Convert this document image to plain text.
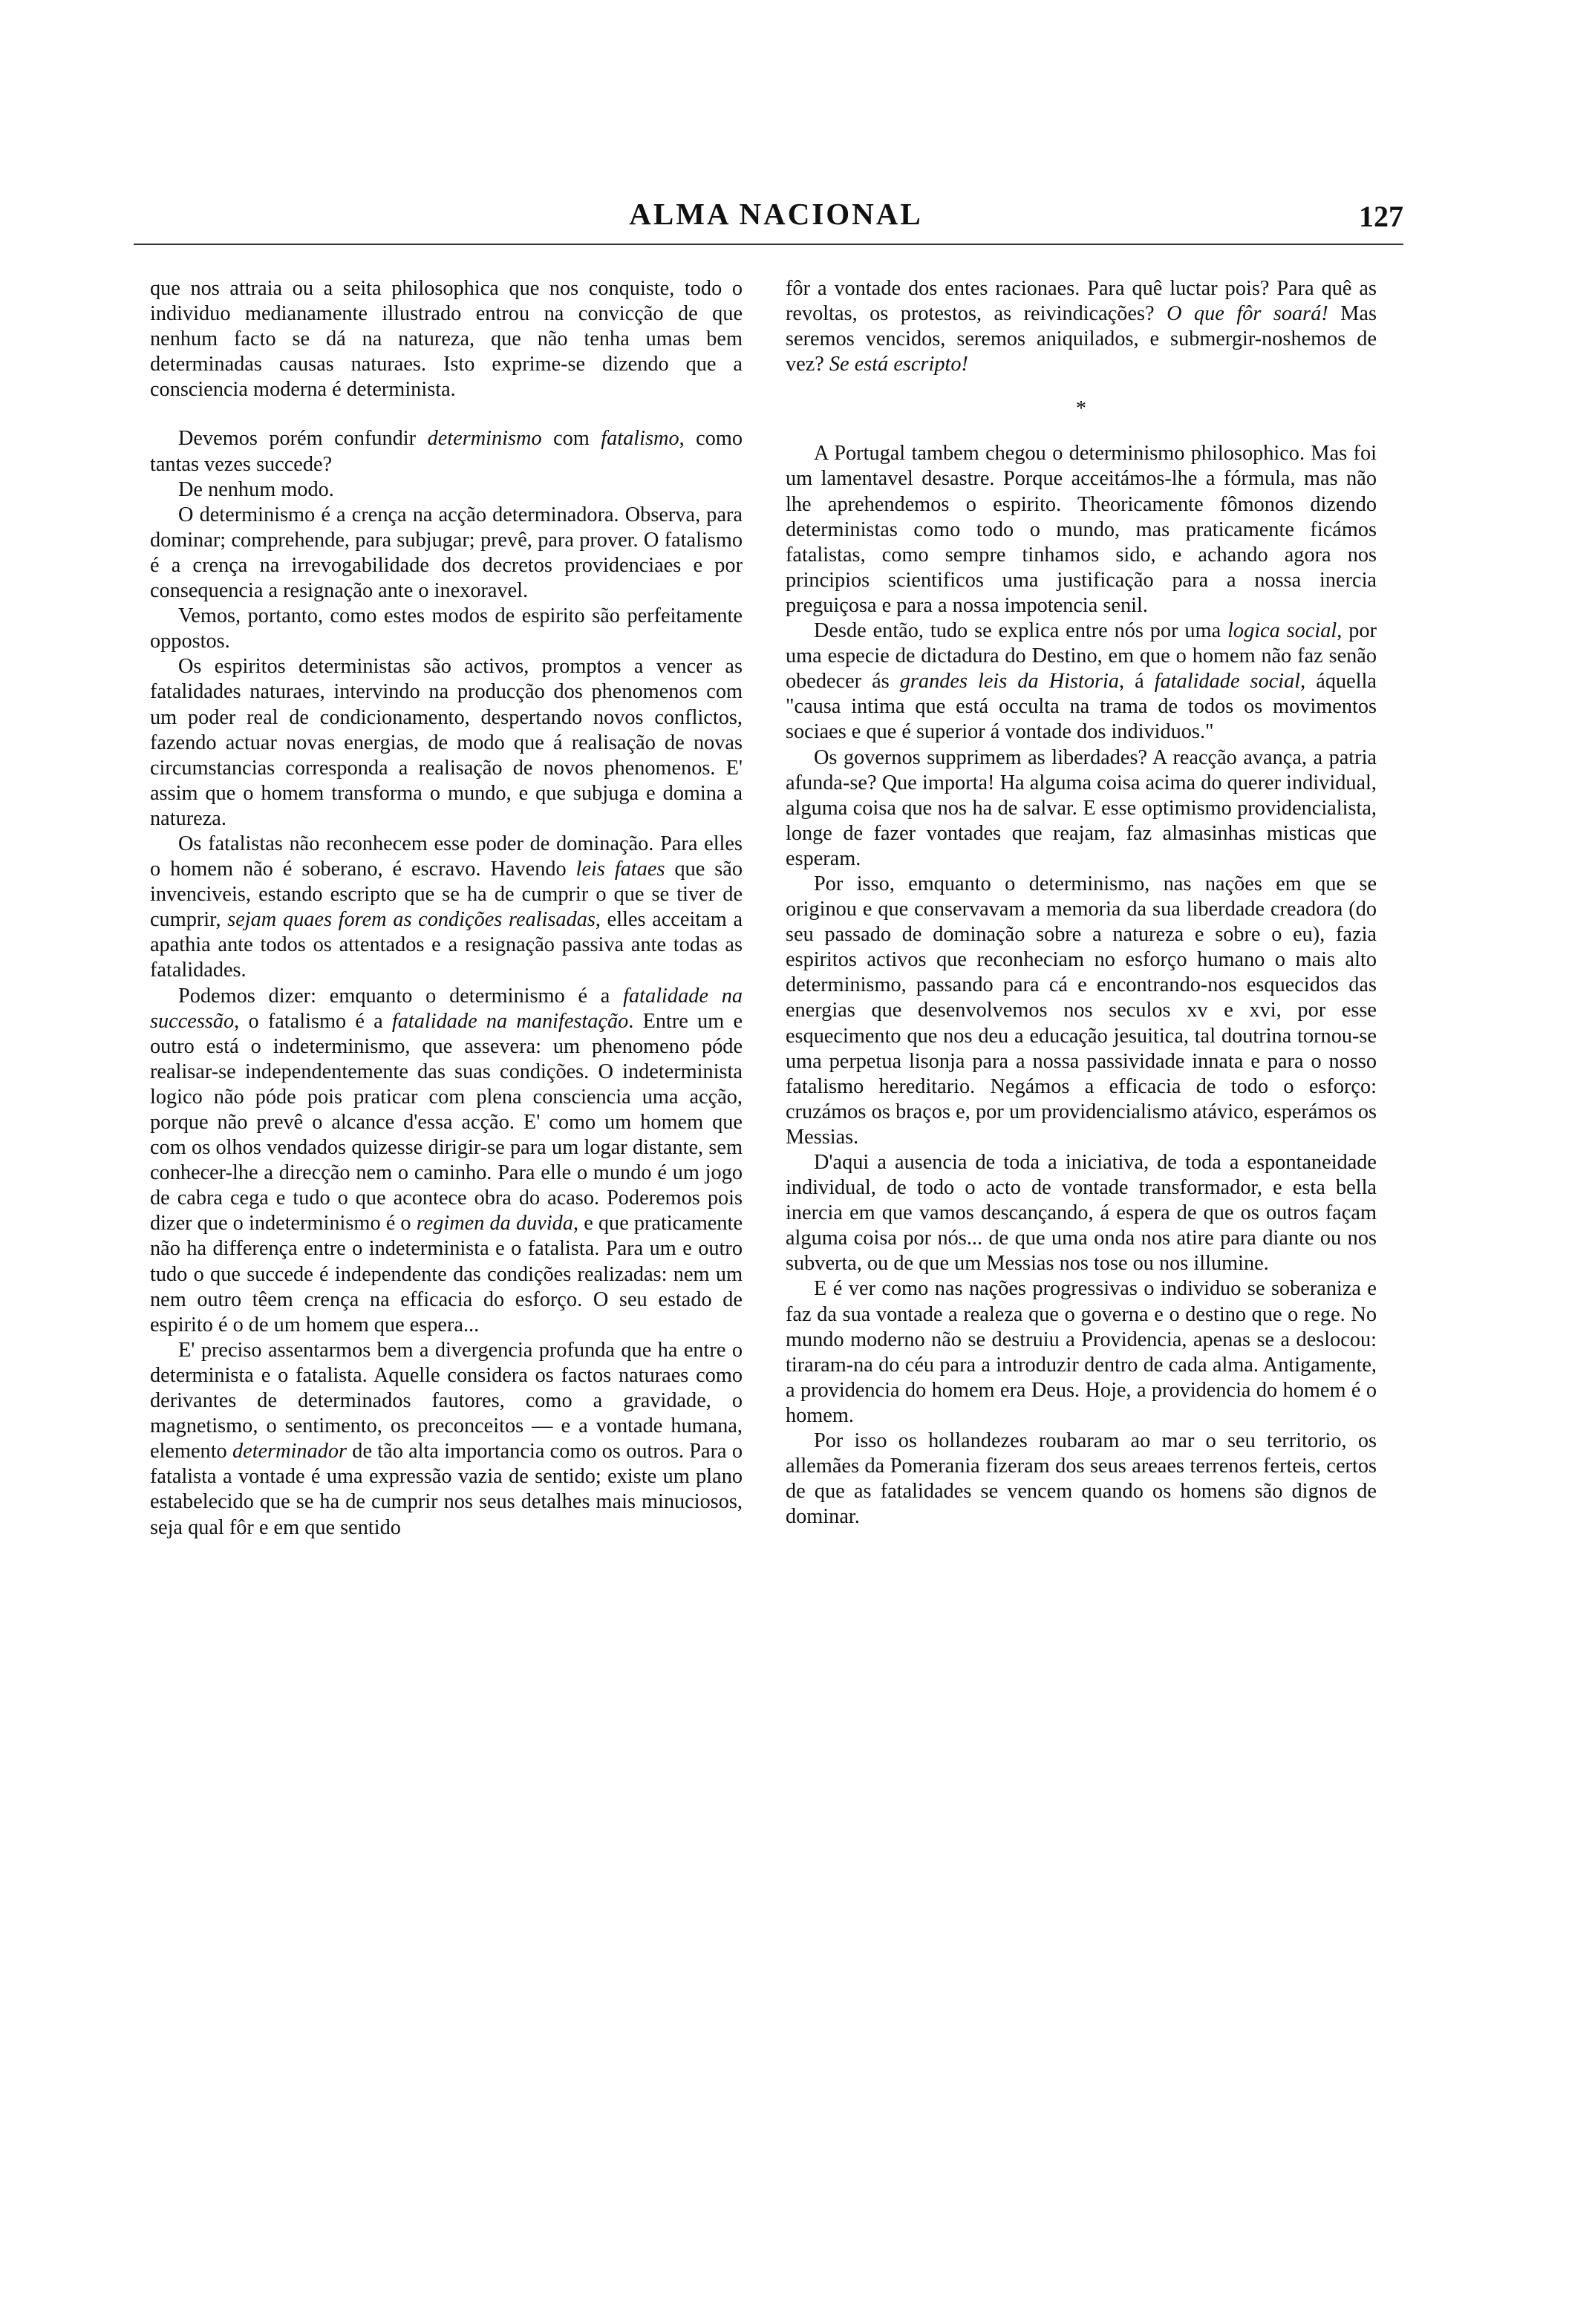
ALMA NACIONAL	127

que nos attraia ou a seita philosophica que nos conquiste, todo o individuo medianamente illustrado entrou na convicção de que nenhum facto se dá na natureza, que não tenha umas bem determinadas causas naturaes. Isto exprime-se dizendo que a consciencia moderna é determinista.

Devemos porém confundir determinismo com fatalismo, como tantas vezes succede?

De nenhum modo.

O determinismo é a crença na acção determinadora. Observa, para dominar; comprehende, para subjugar; prevê, para prover. O fatalismo é a crença na irrevogabilidade dos decretos providenciaes e por consequencia a resignação ante o inexoravel.

Vemos, portanto, como estes modos de espirito são perfeitamente oppostos.

Os espiritos deterministas são activos, promptos a vencer as fatalidades naturaes, intervindo na producção dos phenomenos com um poder real de condicionamento, despertando novos conflictos, fazendo actuar novas energias, de modo que á realisação de novas circumstancias corresponda a realisação de novos phenomenos. E' assim que o homem transforma o mundo, e que subjuga e domina a natureza.

Os fatalistas não reconhecem esse poder de dominação. Para elles o homem não é soberano, é escravo. Havendo leis fataes que são invenciveis, estando escripto que se ha de cumprir o que se tiver de cumprir, sejam quaes forem as condições realisadas, elles acceitam a apathia ante todos os attentados e a resignação passiva ante todas as fatalidades.

Podemos dizer: emquanto o determinismo é a fatalidade na successão, o fatalismo é a fatalidade na manifestação. Entre um e outro está o indeterminismo, que assevera: um phenomeno póde realisar-se independentemente das suas condições. O indeterminista logico não póde pois praticar com plena consciencia uma acção, porque não prevê o alcance d'essa acção. E' como um homem que com os olhos vendados quizesse dirigir-se para um logar distante, sem conhecer-lhe a direcção nem o caminho. Para elle o mundo é um jogo de cabra cega e tudo o que acontece obra do acaso. Poderemos pois dizer que o indeterminismo é o regimen da duvida, e que praticamente não ha differença entre o indeterminista e o fatalista. Para um e outro tudo o que succede é independente das condições realizadas: nem um nem outro têem crença na efficacia do esforço. O seu estado de espirito é o de um homem que espera...

E' preciso assentarmos bem a divergencia profunda que ha entre o determinista e o fatalista. Aquelle considera os factos naturaes como derivantes de determinados fautores, como a gravidade, o magnetismo, o sentimento, os preconceitos — e a vontade humana, elemento determinador de tão alta importancia como os outros. Para o fatalista a vontade é uma expressão vazia de sentido; existe um plano estabelecido que se ha de cumprir nos seus detalhes mais minuciosos, seja qual fôr e em que sentido

fôr a vontade dos entes racionaes. Para quê luctar pois? Para quê as revoltas, os protestos, as reivindicações? O que fôr soará! Mas seremos vencidos, seremos aniquilados, e submergir-noshemos de vez? Se está escripto!

*

A Portugal tambem chegou o determinismo philosophico. Mas foi um lamentavel desastre. Porque acceitámos-lhe a fórmula, mas não lhe aprehendemos o espirito. Theoricamente fômonos dizendo deterministas como todo o mundo, mas praticamente ficámos fatalistas, como sempre tinhamos sido, e achando agora nos principios scientificos uma justificação para a nossa inercia preguiçosa e para a nossa impotencia senil.

Desde então, tudo se explica entre nós por uma logica social, por uma especie de dictadura do Destino, em que o homem não faz senão obedecer ás grandes leis da Historia, á fatalidade social, áquella "causa intima que está occulta na trama de todos os movimentos sociaes e que é superior á vontade dos individuos."

Os governos supprimem as liberdades? A reacção avança, a patria afunda-se? Que importa! Ha alguma coisa acima do querer individual, alguma coisa que nos ha de salvar. E esse optimismo providencialista, longe de fazer vontades que reajam, faz almasinhas misticas que esperam.

Por isso, emquanto o determinismo, nas nações em que se originou e que conservavam a memoria da sua liberdade creadora (do seu passado de dominação sobre a natureza e sobre o eu), fazia espiritos activos que reconheciam no esforço humano o mais alto determinismo, passando para cá e encontrando-nos esquecidos das energias que desenvolvemos nos seculos xv e xvi, por esse esquecimento que nos deu a educação jesuitica, tal doutrina tornou-se uma perpetua lisonja para a nossa passividade innata e para o nosso fatalismo hereditario. Negámos a efficacia de todo o esforço: cruzámos os braços e, por um providencialismo atávico, esperámos os Messias.

D'aqui a ausencia de toda a iniciativa, de toda a espontaneidade individual, de todo o acto de vontade transformador, e esta bella inercia em que vamos descançando, á espera de que os outros façam alguma coisa por nós... de que uma onda nos atire para diante ou nos subverta, ou de que um Messias nos tose ou nos illumine.

E é ver como nas nações progressivas o individuo se soberaniza e faz da sua vontade a realeza que o governa e o destino que o rege. No mundo moderno não se destruiu a Providencia, apenas se a deslocou: tiraram-na do céu para a introduzir dentro de cada alma. Antigamente, a providencia do homem era Deus. Hoje, a providencia do homem é o homem.

Por isso os hollandezes roubaram ao mar o seu territorio, os allemães da Pomerania fizeram dos seus areaes terrenos ferteis, certos de que as fatalidades se vencem quando os homens são dignos de dominar.
